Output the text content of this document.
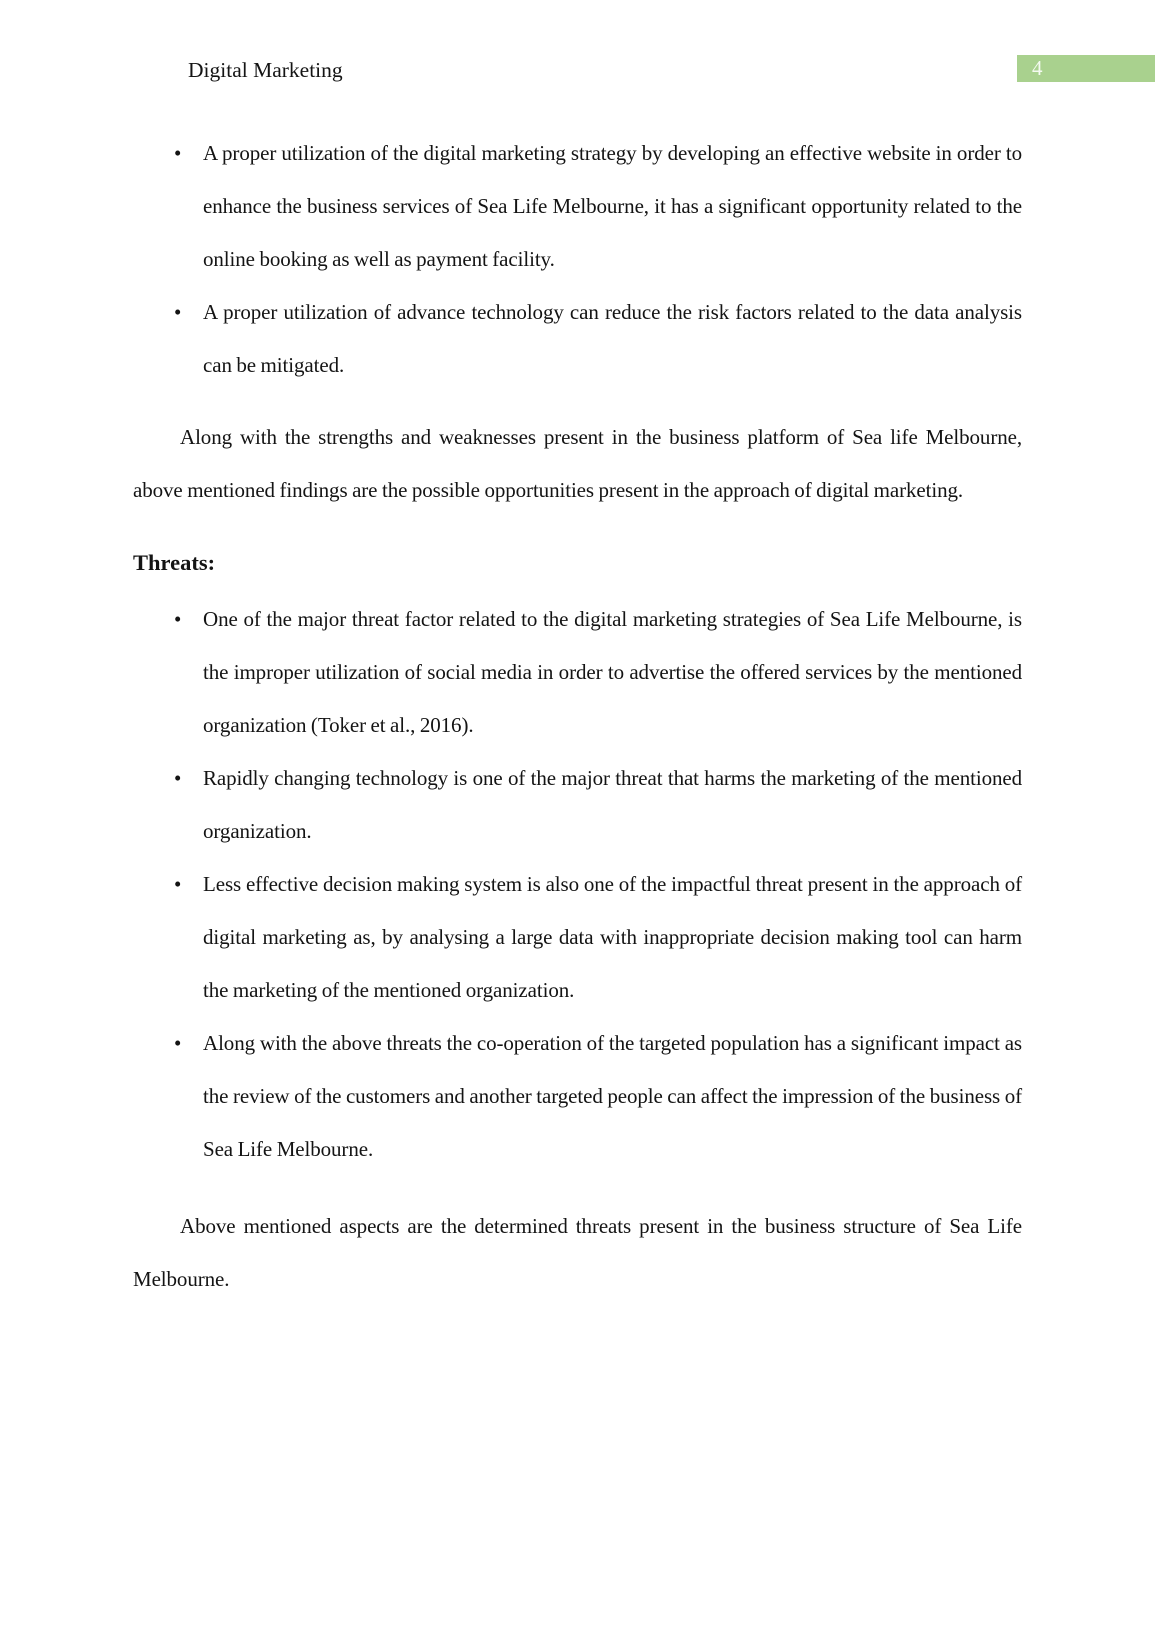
Digital Marketing	4
• A proper utilization of the digital marketing strategy by developing an effective website in order to enhance the business services of Sea Life Melbourne, it has a significant opportunity related to the online booking as well as payment facility.
• A proper utilization of advance technology can reduce the risk factors related to the data analysis can be mitigated.

Along with the strengths and weaknesses present in the business platform of Sea life Melbourne, above mentioned findings are the possible opportunities present in the approach of digital marketing.

Threats:
• One of the major threat factor related to the digital marketing strategies of Sea Life Melbourne, is the improper utilization of social media in order to advertise the offered services by the mentioned organization (Toker et al., 2016).
• Rapidly changing technology is one of the major threat that harms the marketing of the mentioned organization.
• Less effective decision making system is also one of the impactful threat present in the approach of digital marketing as, by analysing a large data with inappropriate decision making tool can harm the marketing of the mentioned organization.
• Along with the above threats the co-operation of the targeted population has a significant impact as the review of the customers and another targeted people can affect the impression of the business of Sea Life Melbourne.

Above mentioned aspects are the determined threats present in the business structure of Sea Life Melbourne.
